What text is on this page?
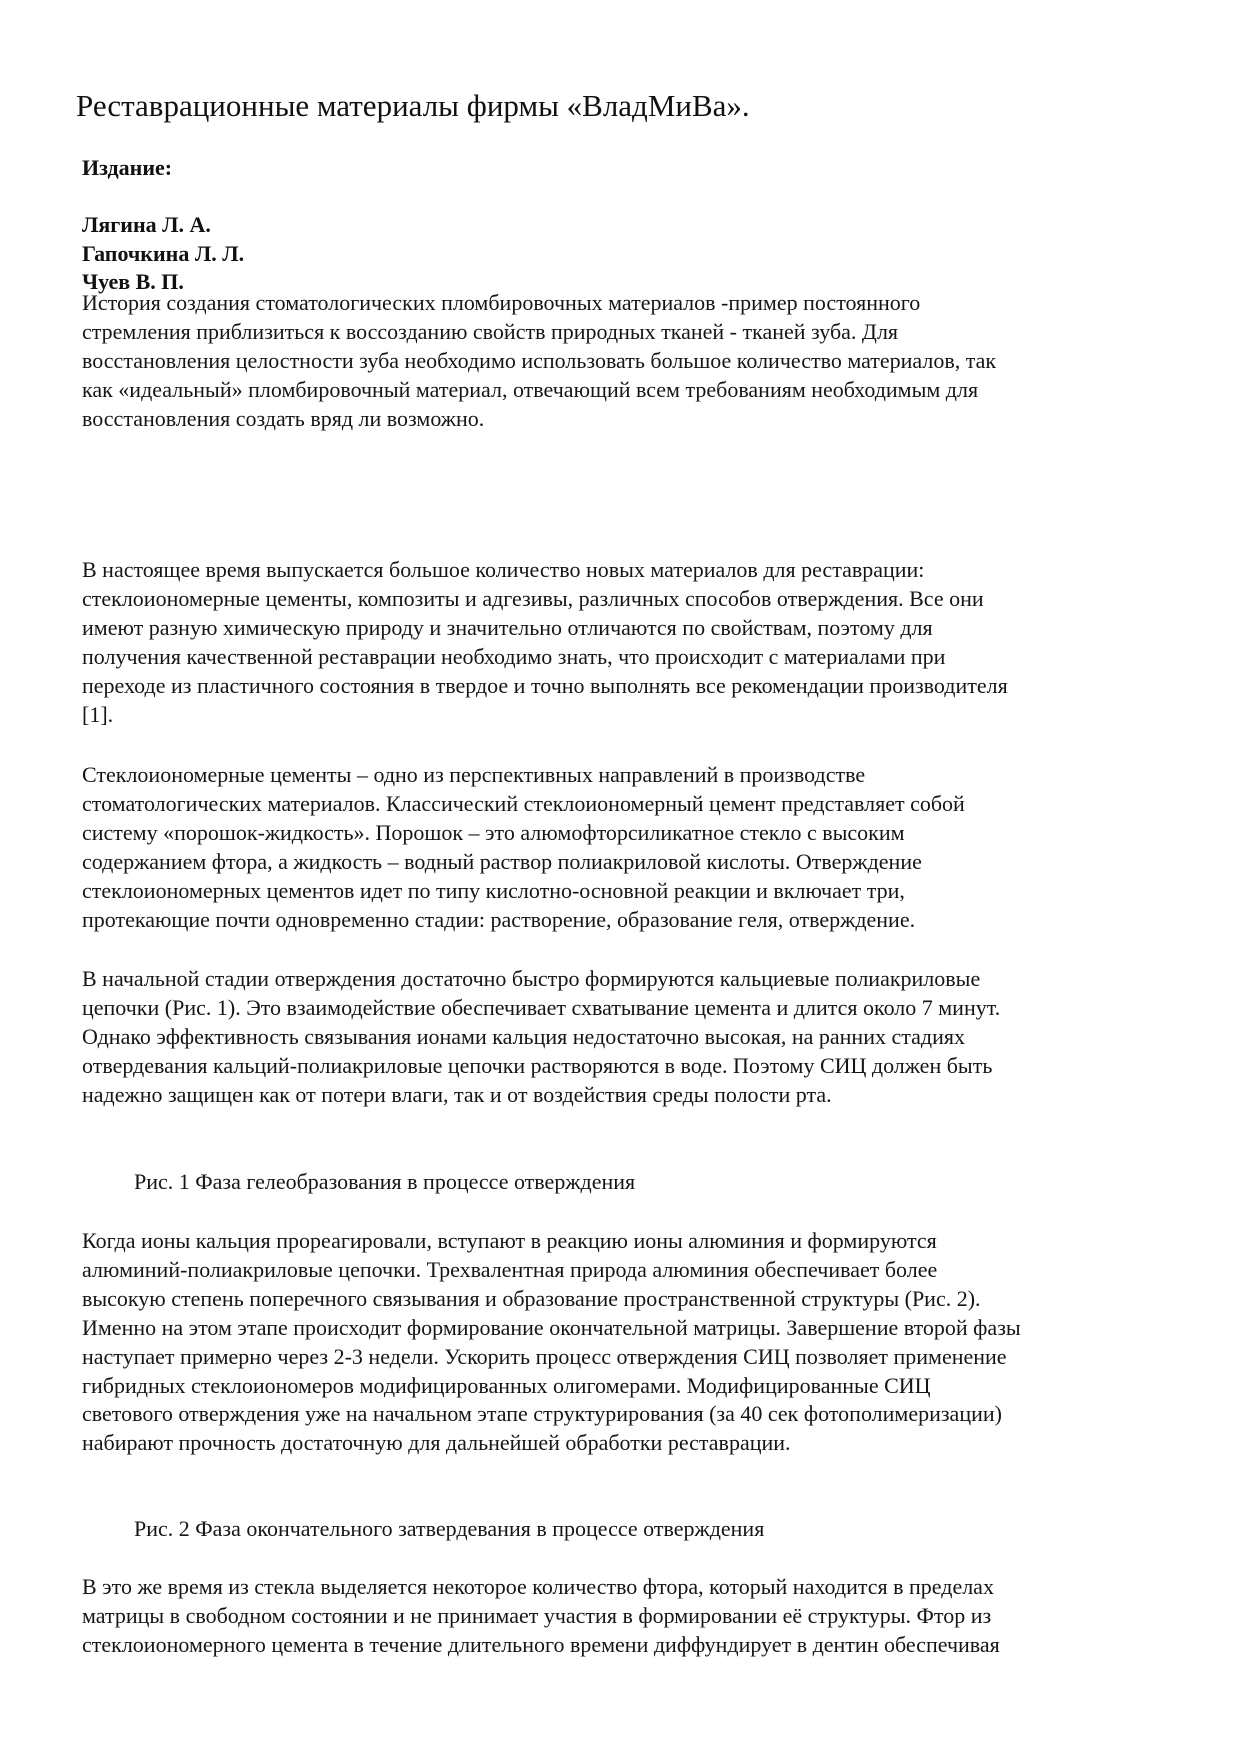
Реставрационные материалы фирмы «ВладМиВа».

Издание:

Лягина Л. А.
Гапочкина Л. Л.
Чуев В. П.

История создания стоматологических пломбировочных материалов -пример постоянного
стремления приблизиться к воссозданию свойств природных тканей - тканей зуба. Для
восстановления целостности зуба необходимо использовать большое количество материалов, так
как «идеальный» пломбировочный материал, отвечающий всем требованиям необходимым для
восстановления создать вряд ли возможно.

В настоящее время выпускается большое количество новых материалов для реставрации:
стеклоиономерные цементы, композиты и адгезивы, различных способов отверждения. Все они
имеют разную химическую природу и значительно отличаются по свойствам, поэтому для
получения качественной реставрации необходимо знать, что происходит с материалами при
переходе из пластичного состояния в твердое и точно выполнять все рекомендации производителя
[1].

Стеклоиономерные цементы – одно из перспективных направлений в производстве
стоматологических материалов. Классический стеклоиономерный цемент представляет собой
систему «порошок-жидкость». Порошок – это алюмофторсиликатное стекло с высоким
содержанием фтора, а жидкость – водный раствор полиакриловой кислоты. Отверждение
стеклоиономерных цементов идет по типу кислотно-основной реакции и включает три,
протекающие почти одновременно стадии: растворение, образование геля, отверждение.

В начальной стадии отверждения достаточно быстро формируются кальциевые полиакриловые
цепочки (Рис. 1). Это взаимодействие обеспечивает схватывание цемента и длится около 7 минут.
Однако эффективность связывания ионами кальция недостаточно высокая, на ранних стадиях
отвердевания кальций-полиакриловые цепочки растворяются в воде. Поэтому СИЦ должен быть
надежно защищен как от потери влаги, так и от воздействия среды полости рта.

Рис. 1 Фаза гелеобразования в процессе отверждения

Когда ионы кальция прореагировали, вступают в реакцию ионы алюминия и формируются
алюминий-полиакриловые цепочки. Трехвалентная природа алюминия обеспечивает более
высокую степень поперечного связывания и образование пространственной структуры (Рис. 2).
Именно на этом этапе происходит формирование окончательной матрицы. Завершение второй фазы
наступает примерно через 2-3 недели. Ускорить процесс отверждения СИЦ позволяет применение
гибридных стеклоиономеров модифицированных олигомерами. Модифицированные СИЦ
светового отверждения уже на начальном этапе структурирования (за 40 сек фотополимеризации)
набирают прочность достаточную для дальнейшей обработки реставрации.

Рис. 2 Фаза окончательного затвердевания в процессе отверждения

В это же время из стекла выделяется некоторое количество фтора, который находится в пределах
матрицы в свободном состоянии и не принимает участия в формировании её структуры. Фтор из
стеклоиономерного цемента в течение длительного времени диффундирует в дентин обеспечивая
